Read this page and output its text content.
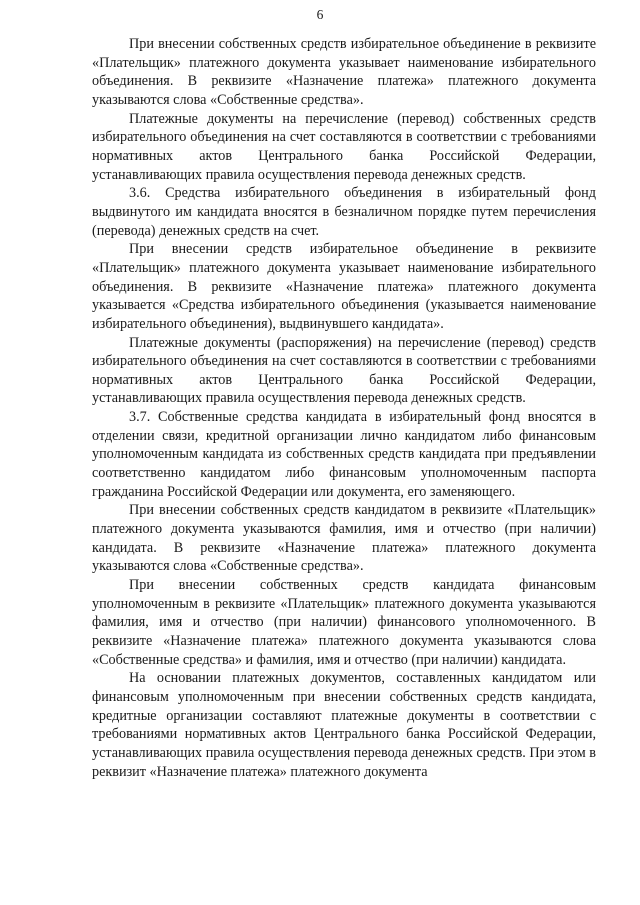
6

При внесении собственных средств избирательное объединение в реквизите «Плательщик» платежного документа указывает наименование избирательного объединения. В реквизите «Назначение платежа» платежного документа указываются слова «Собственные средства».

Платежные документы на перечисление (перевод) собственных средств избирательного объединения на счет составляются в соответствии с требованиями нормативных актов Центрального банка Российской Федерации, устанавливающих правила осуществления перевода денежных средств.

3.6. Средства избирательного объединения в избирательный фонд выдвинутого им кандидата вносятся в безналичном порядке путем перечисления (перевода) денежных средств на счет.

При внесении средств избирательное объединение в реквизите «Плательщик» платежного документа указывает наименование избирательного объединения. В реквизите «Назначение платежа» платежного документа указывается «Средства избирательного объединения (указывается наименование избирательного объединения), выдвинувшего кандидата».

Платежные документы (распоряжения) на перечисление (перевод) средств избирательного объединения на счет составляются в соответствии с требованиями нормативных актов Центрального банка Российской Федерации, устанавливающих правила осуществления перевода денежных средств.

3.7. Собственные средства кандидата в избирательный фонд вносятся в отделении связи, кредитной организации лично кандидатом либо финансовым уполномоченным кандидата из собственных средств кандидата при предъявлении соответственно кандидатом либо финансовым уполномоченным паспорта гражданина Российской Федерации или документа, его заменяющего.

При внесении собственных средств кандидатом в реквизите «Плательщик» платежного документа указываются фамилия, имя и отчество (при наличии) кандидата. В реквизите «Назначение платежа» платежного документа указываются слова «Собственные средства».

При внесении собственных средств кандидата финансовым уполномоченным в реквизите «Плательщик» платежного документа указываются фамилия, имя и отчество (при наличии) финансового уполномоченного. В реквизите «Назначение платежа» платежного документа указываются слова «Собственные средства» и фамилия, имя и отчество (при наличии) кандидата.

На основании платежных документов, составленных кандидатом или финансовым уполномоченным при внесении собственных средств кандидата, кредитные организации составляют платежные документы в соответствии с требованиями нормативных актов Центрального банка Российской Федерации, устанавливающих правила осуществления перевода денежных средств. При этом в реквизит «Назначение платежа» платежного документа
